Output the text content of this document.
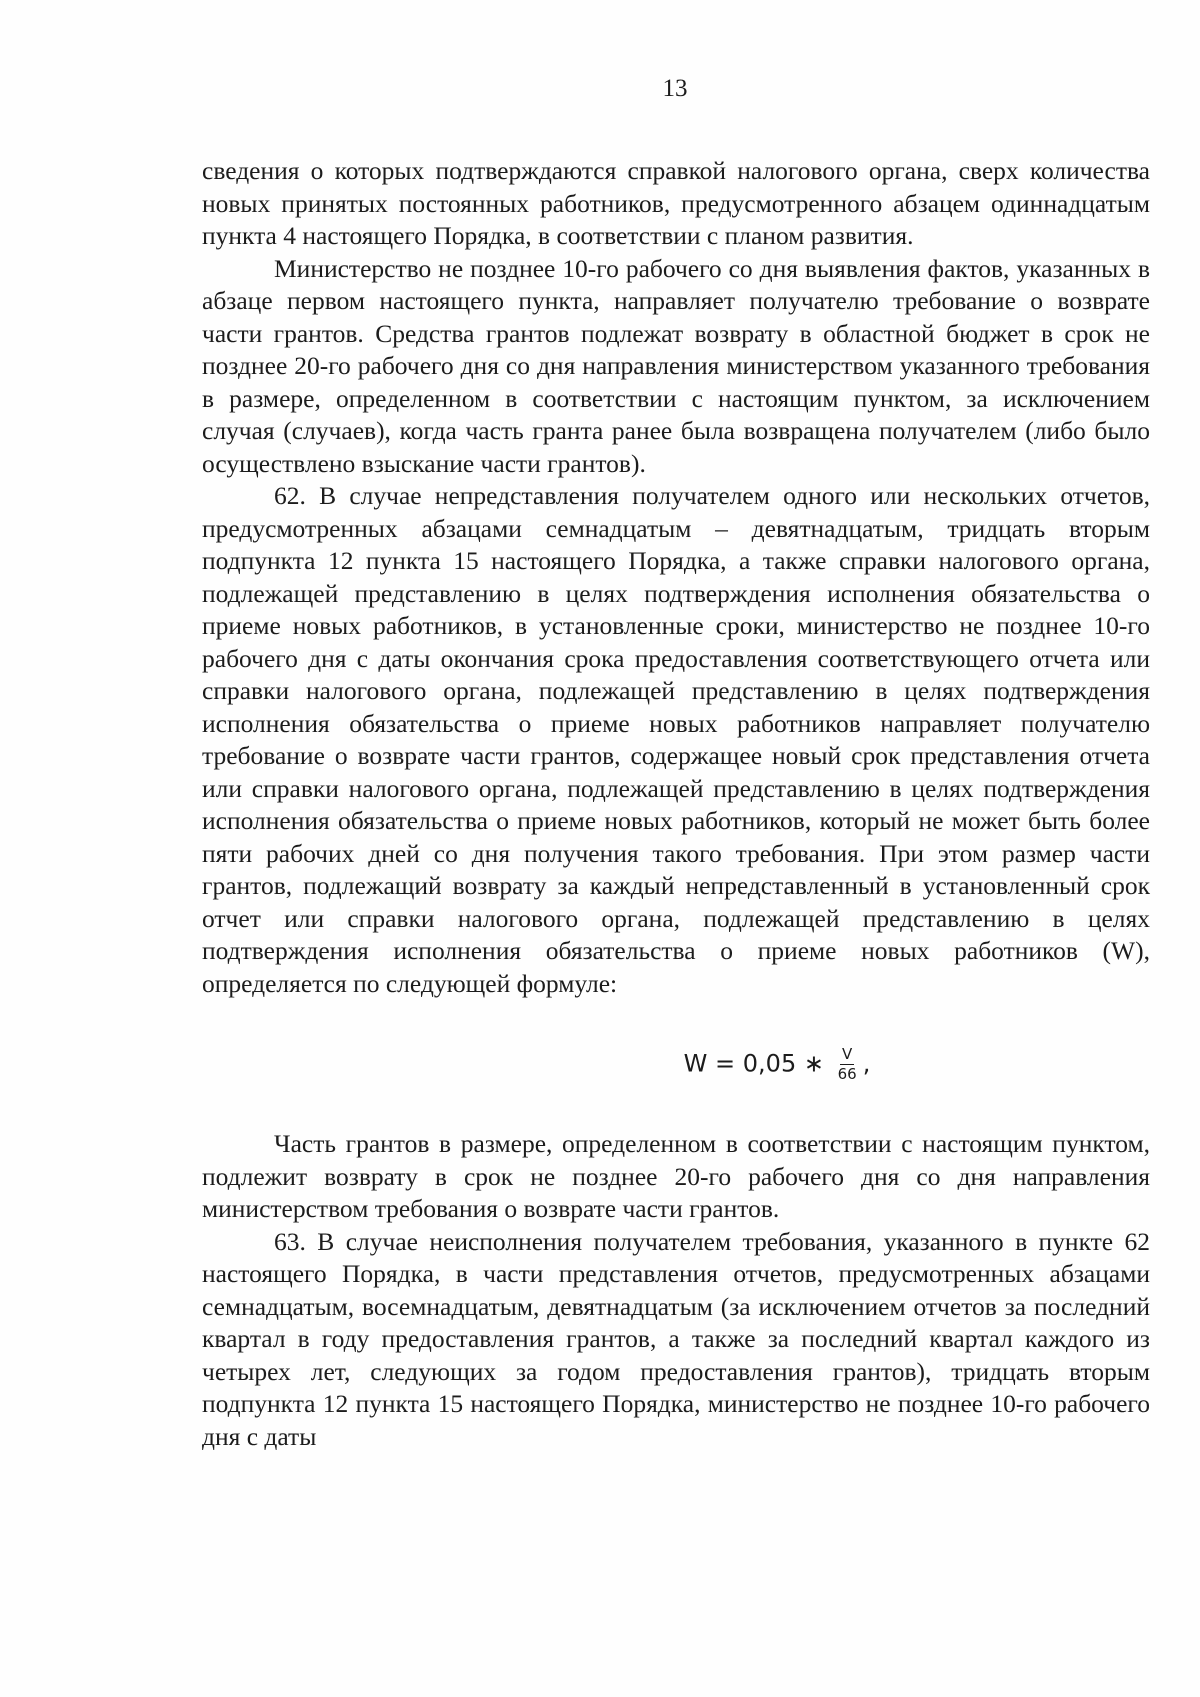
13

сведения о которых подтверждаются справкой налогового органа, сверх количества новых принятых постоянных работников, предусмотренного абзацем одиннадцатым пункта 4 настоящего Порядка, в соответствии с планом развития.

Министерство не позднее 10-го рабочего со дня выявления фактов, указанных в абзаце первом настоящего пункта, направляет получателю требование о возврате части грантов. Средства грантов подлежат возврату в областной бюджет в срок не позднее 20-го рабочего дня со дня направления министерством указанного требования в размере, определенном в соответствии с настоящим пунктом, за исключением случая (случаев), когда часть гранта ранее была возвращена получателем (либо было осуществлено взыскание части грантов).

62. В случае непредставления получателем одного или нескольких отчетов, предусмотренных абзацами семнадцатым – девятнадцатым, тридцать вторым подпункта 12 пункта 15 настоящего Порядка, а также справки налогового органа, подлежащей представлению в целях подтверждения исполнения обязательства о приеме новых работников, в установленные сроки, министерство не позднее 10-го рабочего дня с даты окончания срока предоставления соответствующего отчета или справки налогового органа, подлежащей представлению в целях подтверждения исполнения обязательства о приеме новых работников направляет получателю требование о возврате части грантов, содержащее новый срок представления отчета или справки налогового органа, подлежащей представлению в целях подтверждения исполнения обязательства о приеме новых работников, который не может быть более пяти рабочих дней со дня получения такого требования. При этом размер части грантов, подлежащий возврату за каждый непредставленный в установленный срок отчет или справки налогового органа, подлежащей представлению в целях подтверждения исполнения обязательства о приеме новых работников (W), определяется по следующей формуле:

W = 0,05 ∗ $\frac{V}{66}$ ,

Часть грантов в размере, определенном в соответствии с настоящим пунктом, подлежит возврату в срок не позднее 20-го рабочего дня со дня направления министерством требования о возврате части грантов.

63. В случае неисполнения получателем требования, указанного в пункте 62 настоящего Порядка, в части представления отчетов, предусмотренных абзацами семнадцатым, восемнадцатым, девятнадцатым (за исключением отчетов за последний квартал в году предоставления грантов, а также за последний квартал каждого из четырех лет, следующих за годом предоставления грантов), тридцать вторым подпункта 12 пункта 15 настоящего Порядка, министерство не позднее 10-го рабочего дня с даты
